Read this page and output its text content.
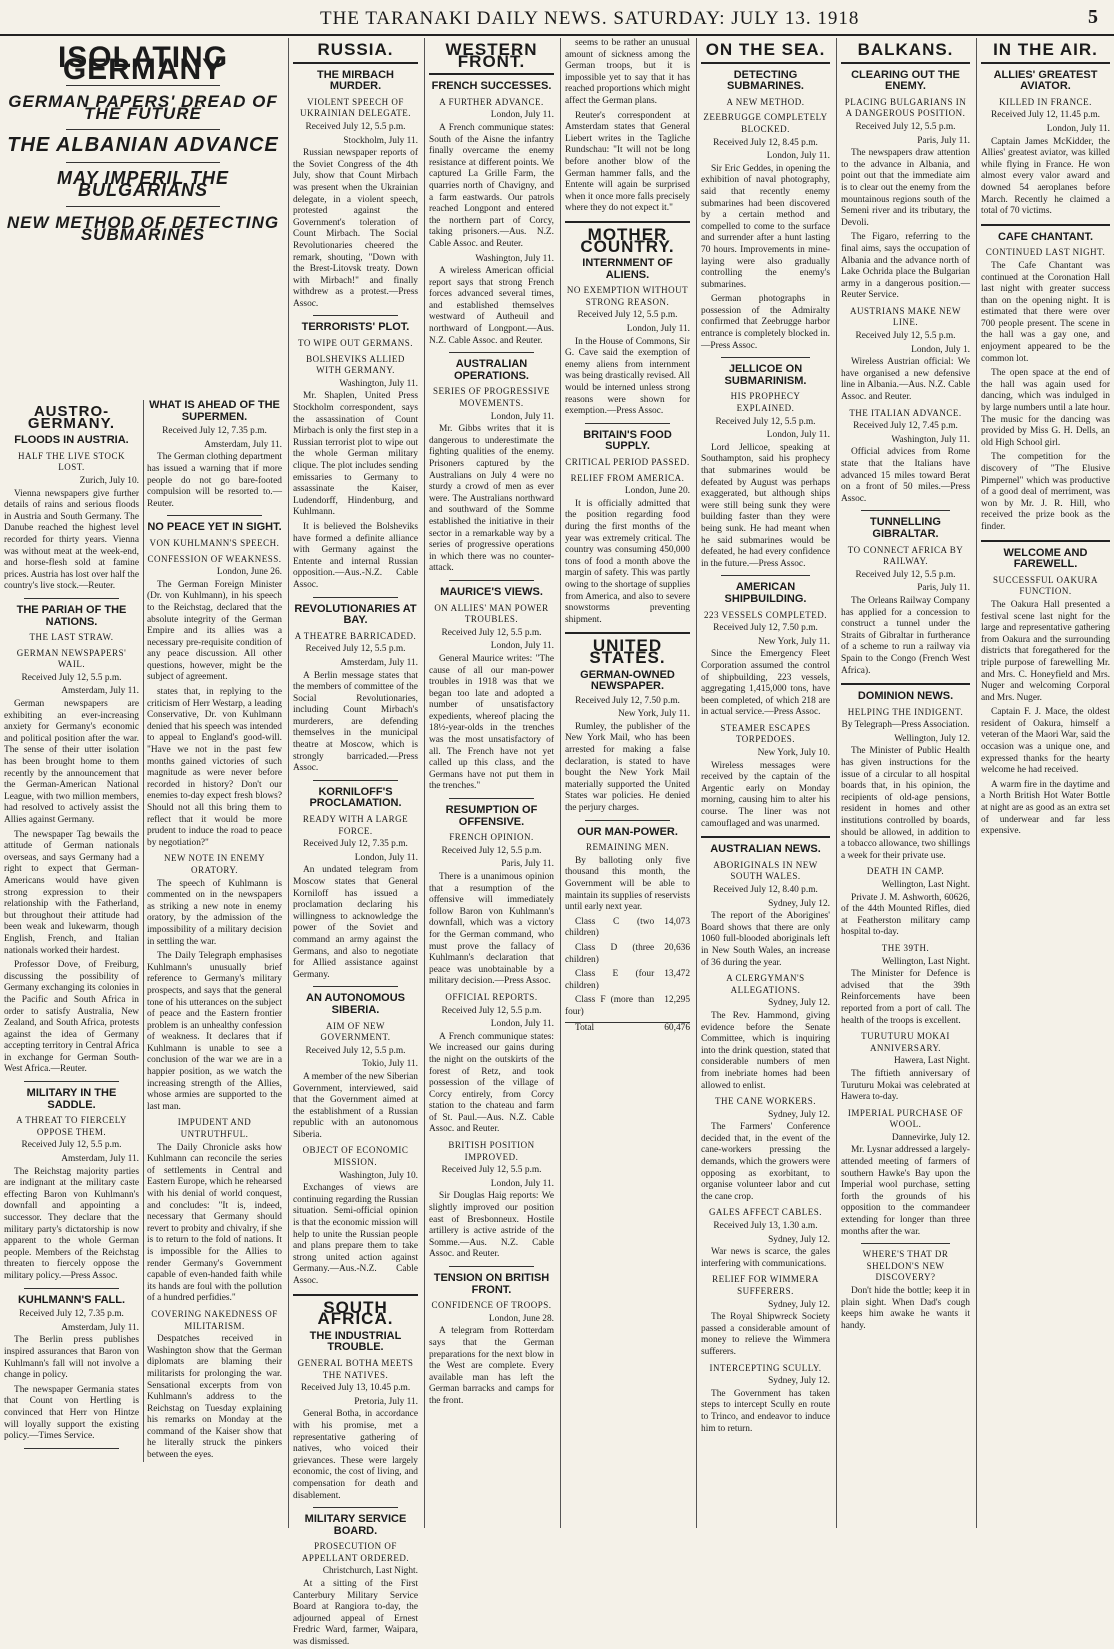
THE TARANAKI DAILY NEWS. SATURDAY: JULY 13. 1918	5
ISOLATING GERMANY
GERMAN PAPERS' DREAD OF THE FUTURE
THE ALBANIAN ADVANCE
MAY IMPERIL THE BULGARIANS
NEW METHOD OF DETECTING SUBMARINES
AUSTRO-GERMANY.
FLOODS IN AUSTRIA.
HALF THE LIVE STOCK LOST.

Zurich, July 10.

Vienna newspapers give further details of rains and serious floods in Austria and South Germany. The Danube reached the highest level recorded for thirty years. Vienna was without meat at the week-end, and horse-flesh sold at famine prices. Austria has lost over half the country's live stock.—Reuter.

THE PARIAH OF THE NATIONS.
THE LAST STRAW.
GERMAN NEWSPAPERS' WAIL.

Received July 12, 5.5 p.m.

Amsterdam, July 11.

German newspapers are exhibiting an ever-increasing anxiety for Germany's economic and political position after the war. The sense of their utter isolation has been brought home to them recently by the announcement that the German-American National League, with two million members, had resolved to actively assist the Allies against Germany.

The newspaper Tag bewails the attitude of German nationals overseas, and says Germany had a right to expect that German-Americans would have given strong expression to their relationship with the Fatherland, but throughout their attitude had been weak and lukewarm, though English, French, and Italian nationals worked their hardest.

Professor Dove, of Freiburg, discussing the possibility of Germany exchanging its colonies in the Pacific and South Africa in order to satisfy Australia, New Zealand, and South Africa, protests against the idea of Germany accepting territory in Central Africa in exchange for German South-West Africa.—Reuter.

MILITARY IN THE SADDLE.
A THREAT TO FIERCELY OPPOSE THEM.

Received July 12, 5.5 p.m.

Amsterdam, July 11.

The Reichstag majority parties are indignant at the military caste effecting Baron von Kuhlmann's downfall and appointing a successor. They declare that the military party's dictatorship is now apparent to the whole German people. Members of the Reichstag threaten to fiercely oppose the military policy.—Press Assoc.

KUHLMANN'S FALL.

Received July 12, 7.35 p.m.

Amsterdam, July 11.

The Berlin press publishes inspired assurances that Baron von Kuhlmann's fall will not involve a change in policy.

The newspaper Germania states that Count von Hertling is convinced that Herr von Hintze will loyally support the existing policy.—Times Service.

WHAT IS AHEAD OF THE SUPERMEN.

Received July 12, 7.35 p.m.

Amsterdam, July 11.

The German clothing department has issued a warning that if more people do not go bare-footed compulsion will be resorted to.—Reuter.

NO PEACE YET IN SIGHT.
VON KUHLMANN'S SPEECH.
CONFESSION OF WEAKNESS.

London, June 26.

The German Foreign Minister (Dr. von Kuhlmann), in his speech to the Reichstag, declared that the absolute integrity of the German Empire and its allies was a necessary pre-requisite condition of any peace discussion. All other questions, however, might be the subject of agreement.

states that, in replying to the criticism of Herr Westarp, a leading Conservative, Dr. von Kuhlmann denied that his speech was intended to appeal to England's good-will. "Have we not in the past few months gained victories of such magnitude as were never before recorded in history? Don't our enemies to-day expect fresh blows? Should not all this bring them to reflect that it would be more prudent to induce the road to peace by negotiation?"

NEW NOTE IN ENEMY ORATORY.

The speech of Kuhlmann is commented on in the newspapers as striking a new note in enemy oratory, by the admission of the impossibility of a military decision in settling the war.

The Daily Telegraph emphasises Kuhlmann's unusually brief reference to Germany's military prospects, and says that the general tone of his utterances on the subject of peace and the Eastern frontier problem is an unhealthy confession of weakness. It declares that if Kuhlmann is unable to see a conclusion of the war we are in a happier position, as we watch the increasing strength of the Allies, whose armies are supported to the last man.

IMPUDENT AND UNTRUTHFUL.

The Daily Chronicle asks how Kuhlmann can reconcile the series of settlements in Central and Eastern Europe, which he rehearsed with his denial of world conquest, and concludes: "It is, indeed, necessary that Germany should revert to probity and chivalry, if she is to return to the fold of nations. It is impossible for the Allies to render Germany's Government capable of even-handed faith while its hands are foul with the pollution of a hundred perfidies."

COVERING NAKEDNESS OF MILITARISM.

Despatches received in Washington show that the German diplomats are blaming their militarists for prolonging the war. Sensational excerpts from von Kuhlmann's address to the Reichstag on Tuesday explaining his remarks on Monday at the command of the Kaiser show that he literally struck the pinkers between the eyes.

RUSSIA.
THE MIRBACH MURDER.
VIOLENT SPEECH OF UKRAINIAN DELEGATE.

Received July 12, 5.5 p.m.

Stockholm, July 11.

Russian newspaper reports of the Soviet Congress of the 4th July, show that Count Mirbach was present when the Ukrainian delegate, in a violent speech, protested against the Government's toleration of Count Mirbach. The Social Revolutionaries cheered the remark, shouting, "Down with the Brest-Litovsk treaty. Down with Mirbach!" and finally withdrew as a protest.—Press Assoc.

TERRORISTS' PLOT.
TO WIPE OUT GERMANS.
BOLSHEVIKS ALLIED WITH GERMANY.

Washington, July 11.

Mr. Shaplen, United Press Stockholm correspondent, says the assassination of Count Mirbach is only the first step in a Russian terrorist plot to wipe out the whole German military clique. The plot includes sending emissaries to Germany to assassinate the Kaiser, Ludendorff, Hindenburg, and Kuhlmann.

It is believed the Bolsheviks have formed a definite alliance with Germany against the Entente and internal Russian opposition.—Aus.-N.Z. Cable Assoc.

REVOLUTIONARIES AT BAY.
A THEATRE BARRICADED.

Received July 12, 5.5 p.m.

Amsterdam, July 11.

A Berlin message states that the members of committee of the Social Revolutionaries, including Count Mirbach's murderers, are defending themselves in the municipal theatre at Moscow, which is strongly barricaded.—Press Assoc.

KORNILOFF'S PROCLAMATION.
READY WITH A LARGE FORCE.

Received July 12, 7.35 p.m.

London, July 11.

An undated telegram from Moscow states that General Korniloff has issued a proclamation declaring his willingness to acknowledge the power of the Soviet and command an army against the Germans, and also to negotiate for Allied assistance against Germany.

AN AUTONOMOUS SIBERIA.
AIM OF NEW GOVERNMENT.

Received July 12, 5.5 p.m.

Tokio, July 11.

A member of the new Siberian Government, interviewed, said that the Government aimed at the establishment of a Russian republic with an autonomous Siberia.

OBJECT OF ECONOMIC MISSION.

Washington, July 10.

Exchanges of views are continuing regarding the Russian situation. Semi-official opinion is that the economic mission will help to unite the Russian people and plans prepare them to take strong united action against Germany.—Aus.-N.Z. Cable Assoc.

SOUTH AFRICA.
THE INDUSTRIAL TROUBLE.
GENERAL BOTHA MEETS THE NATIVES.

Received July 13, 10.45 p.m.

Pretoria, July 11.

General Botha, in accordance with his promise, met a representative gathering of natives, who voiced their grievances. These were largely economic, the cost of living, and compensation for death and disablement.

MILITARY SERVICE BOARD.
PROSECUTION OF APPELLANT ORDERED.

Christchurch, Last Night.

At a sitting of the First Canterbury Military Service Board at Rangiora to-day, the adjourned appeal of Ernest Fredric Ward, farmer, Waipara, was dismissed.

WESTERN FRONT.
FRENCH SUCCESSES.
A FURTHER ADVANCE.

London, July 11.

A French communique states: South of the Aisne the infantry finally overcame the enemy resistance at different points. We captured La Grille Farm, the quarries north of Chavigny, and a farm eastwards. Our patrols reached Longpont and entered the northern part of Corcy, taking prisoners.—Aus. N.Z. Cable Assoc. and Reuter.

Washington, July 11.

A wireless American official report says that strong French forces advanced several times, and established themselves westward of Autheuil and northward of Longpont.—Aus. N.Z. Cable Assoc. and Reuter.

AUSTRALIAN OPERATIONS.
SERIES OF PROGRESSIVE MOVEMENTS.

London, July 11.

Mr. Gibbs writes that it is dangerous to underestimate the fighting qualities of the enemy. Prisoners captured by the Australians on July 4 were no sturdy a crowd of men as ever were. The Australians northward and southward of the Somme established the initiative in their sector in a remarkable way by a series of progressive operations in which there was no counter-attack.

MAURICE'S VIEWS.
ON ALLIES' MAN POWER TROUBLES.

Received July 12, 5.5 p.m.

London, July 11.

General Maurice writes: "The cause of all our man-power troubles in 1918 was that we began too late and adopted a number of unsatisfactory expedients, whereof placing the 18½-year-olds in the trenches was the most unsatisfactory of all. The French have not yet called up this class, and the Germans have not put them in the trenches."

RESUMPTION OF OFFENSIVE.
FRENCH OPINION.

Received July 12, 5.5 p.m.

Paris, July 11.

There is a unanimous opinion that a resumption of the offensive will immediately follow Baron von Kuhlmann's downfall, which was a victory for the German command, who must prove the fallacy of Kuhlmann's declaration that peace was unobtainable by a military decision.—Press Assoc.

OFFICIAL REPORTS.

Received July 12, 5.5 p.m.

London, July 11.

A French communique states: We increased our gains during the night on the outskirts of the forest of Retz, and took possession of the village of Corcy entirely, from Corcy station to the chateau and farm of St. Paul.—Aus. N.Z. Cable Assoc. and Reuter.

BRITISH POSITION IMPROVED.

Received July 12, 5.5 p.m.

London, July 11.

Sir Douglas Haig reports: We slightly improved our position east of Bresbonneux. Hostile artillery is active astride of the Somme.—Aus. N.Z. Cable Assoc. and Reuter.

TENSION ON BRITISH FRONT.
CONFIDENCE OF TROOPS.

London, June 28.

A telegram from Rotterdam says that the German preparations for the next blow in the West are complete. Every available man has left the German barracks and camps for the front.

seems to be rather an unusual amount of sickness among the German troops, but it is impossible yet to say that it has reached proportions which might affect the German plans.

Reuter's correspondent at Amsterdam states that General Liebert writes in the Tagliche Rundschau: "It will not be long before another blow of the German hammer falls, and the Entente will again be surprised when it once more falls precisely where they do not expect it."

MOTHER COUNTRY.
INTERNMENT OF ALIENS.
NO EXEMPTION WITHOUT STRONG REASON.

Received July 12, 5.5 p.m.

London, July 11.

In the House of Commons, Sir G. Cave said the exemption of enemy aliens from internment was being drastically revised. All would be interned unless strong reasons were shown for exemption.—Press Assoc.

BRITAIN'S FOOD SUPPLY.
CRITICAL PERIOD PASSED.
RELIEF FROM AMERICA.

London, June 20.

It is officially admitted that the position regarding food during the first months of the year was extremely critical. The country was consuming 450,000 tons of food a month above the margin of safety. This was partly owing to the shortage of supplies from America, and also to severe snowstorms preventing shipment.

UNITED STATES.
GERMAN-OWNED NEWSPAPER.

Received July 12, 7.50 p.m.

New York, July 11.

Rumley, the publisher of the New York Mail, who has been arrested for making a false declaration, is stated to have bought the New York Mail materially supported the United States war policies. He denied the perjury charges.

OUR MAN-POWER.
REMAINING MEN.

By balloting only five thousand this month, the Government will be able to maintain its supplies of reservists until early next year.

Class C (two children)
14,073

Class D (three children)
20,636

Class E (four children)
13,472

Class F (more than four)
12,295

Total	60,476

ON THE SEA.
DETECTING SUBMARINES.
A NEW METHOD.
ZEEBRUGGE COMPLETELY BLOCKED.

Received July 12, 8.45 p.m.

London, July 11.

Sir Eric Geddes, in opening the exhibition of naval photography, said that recently enemy submarines had been discovered by a certain method and compelled to come to the surface and surrender after a hunt lasting 70 hours. Improvements in mine-laying were also gradually controlling the enemy's submarines.

German photographs in possession of the Admiralty confirmed that Zeebrugge harbor entrance is completely blocked in.—Press Assoc.

JELLICOE ON SUBMARINISM.
HIS PROPHECY EXPLAINED.

Received July 12, 5.5 p.m.

London, July 11.

Lord Jellicoe, speaking at Southampton, said his prophecy that submarines would be defeated by August was perhaps exaggerated, but although ships were still being sunk they were building faster than they were being sunk. He had meant when he said submarines would be defeated, he had every confidence in the future.—Press Assoc.

AMERICAN SHIPBUILDING.
223 VESSELS COMPLETED.

Received July 12, 7.50 p.m.

New York, July 11.

Since the Emergency Fleet Corporation assumed the control of shipbuilding, 223 vessels, aggregating 1,415,000 tons, have been completed, of which 218 are in actual service.—Press Assoc.

STEAMER ESCAPES TORPEDOES.

New York, July 10.

Wireless messages were received by the captain of the Argentic early on Monday morning, causing him to alter his course. The liner was not camouflaged and was unarmed.

AUSTRALIAN NEWS.
ABORIGINALS IN NEW SOUTH WALES.

Received July 12, 8.40 p.m.

Sydney, July 12.

The report of the Aborigines' Board shows that there are only 1060 full-blooded aboriginals left in New South Wales, an increase of 36 during the year.

A CLERGYMAN'S ALLEGATIONS.

Sydney, July 12.

The Rev. Hammond, giving evidence before the Senate Committee, which is inquiring into the drink question, stated that considerable numbers of men from inebriate homes had been allowed to enlist.

THE CANE WORKERS.

Sydney, July 12.

The Farmers' Conference decided that, in the event of the cane-workers pressing the demands, which the growers were opposing as exorbitant, to organise volunteer labor and cut the cane crop.

GALES AFFECT CABLES.

Received July 13, 1.30 a.m.

Sydney, July 12.

War news is scarce, the gales interfering with communications.

RELIEF FOR WIMMERA SUFFERERS.

Sydney, July 12.

The Royal Shipwreck Society passed a considerable amount of money to relieve the Wimmera sufferers.

INTERCEPTING SCULLY.

Sydney, July 12.

The Government has taken steps to intercept Scully en route to Trinco, and endeavor to induce him to return.

BALKANS.
CLEARING OUT THE ENEMY.
PLACING BULGARIANS IN A DANGEROUS POSITION.

Received July 12, 5.5 p.m.

Paris, July 11.

The newspapers draw attention to the advance in Albania, and point out that the immediate aim is to clear out the enemy from the mountainous regions south of the Semeni river and its tributary, the Devoli.

The Figaro, referring to the final aims, says the occupation of Albania and the advance north of Lake Ochrida place the Bulgarian army in a dangerous position.—Reuter Service.

AUSTRIANS MAKE NEW LINE.

Received July 12, 5.5 p.m.

London, July 1.

Wireless Austrian official: We have organised a new defensive line in Albania.—Aus. N.Z. Cable Assoc. and Reuter.

THE ITALIAN ADVANCE.

Received July 12, 7.45 p.m.

Washington, July 11.

Official advices from Rome state that the Italians have advanced 15 miles toward Berat on a front of 50 miles.—Press Assoc.

TUNNELLING GIBRALTAR.
TO CONNECT AFRICA BY RAILWAY.

Received July 12, 5.5 p.m.

Paris, July 11.

The Orleans Railway Company has applied for a concession to construct a tunnel under the Straits of Gibraltar in furtherance of a scheme to run a railway via Spain to the Congo (French West Africa).

DOMINION NEWS.
HELPING THE INDIGENT.

By Telegraph—Press Association.

Wellington, July 12.

The Minister of Public Health has given instructions for the issue of a circular to all hospital boards that, in his opinion, the recipients of old-age pensions, resident in homes and other institutions controlled by boards, should be allowed, in addition to a tobacco allowance, two shillings a week for their private use.

DEATH IN CAMP.

Wellington, Last Night.

Private J. M. Ashworth, 60626, of the 44th Mounted Rifles, died at Featherston military camp hospital to-day.

THE 39TH.

Wellington, Last Night.

The Minister for Defence is advised that the 39th Reinforcements have been reported from a port of call. The health of the troops is excellent.

TURUTURU MOKAI ANNIVERSARY.

Hawera, Last Night.

The fiftieth anniversary of Turuturu Mokai was celebrated at Hawera to-day.

IMPERIAL PURCHASE OF WOOL.

Dannevirke, July 12.

Mr. Lysnar addressed a largely-attended meeting of farmers of southern Hawke's Bay upon the Imperial wool purchase, setting forth the grounds of his opposition to the commandeer extending for longer than three months after the war.

WHERE'S THAT DR SHELDON'S NEW DISCOVERY?

Don't hide the bottle; keep it in plain sight. When Dad's cough keeps him awake he wants it handy.

IN THE AIR.
ALLIES' GREATEST AVIATOR.
KILLED IN FRANCE.

Received July 12, 11.45 p.m.

London, July 11.

Captain James McKidder, the Allies' greatest aviator, was killed while flying in France. He won almost every valor award and downed 54 aeroplanes before March. Recently he claimed a total of 70 victims.

CAFE CHANTANT.
CONTINUED LAST NIGHT.

The Cafe Chantant was continued at the Coronation Hall last night with greater success than on the opening night. It is estimated that there were over 700 people present. The scene in the hall was a gay one, and enjoyment appeared to be the common lot.

The open space at the end of the hall was again used for dancing, which was indulged in by large numbers until a late hour. The music for the dancing was provided by Miss G. H. Dells, an old High School girl.

The competition for the discovery of "The Elusive Pimpernel" which was productive of a good deal of merriment, was won by Mr. J. R. Hill, who received the prize book as the finder.

WELCOME AND FAREWELL.
SUCCESSFUL OAKURA FUNCTION.

The Oakura Hall presented a festival scene last night for the large and representative gathering from Oakura and the surrounding districts that foregathered for the triple purpose of farewelling Mr. and Mrs. C. Honeyfield and Mrs. Nuger and welcoming Corporal and Mrs. Nuger.

Captain F. J. Mace, the oldest resident of Oakura, himself a veteran of the Maori War, said the occasion was a unique one, and expressed thanks for the hearty welcome he had received.

A warm fire in the daytime and a North British Hot Water Bottle at night are as good as an extra set of underwear and far less expensive.
